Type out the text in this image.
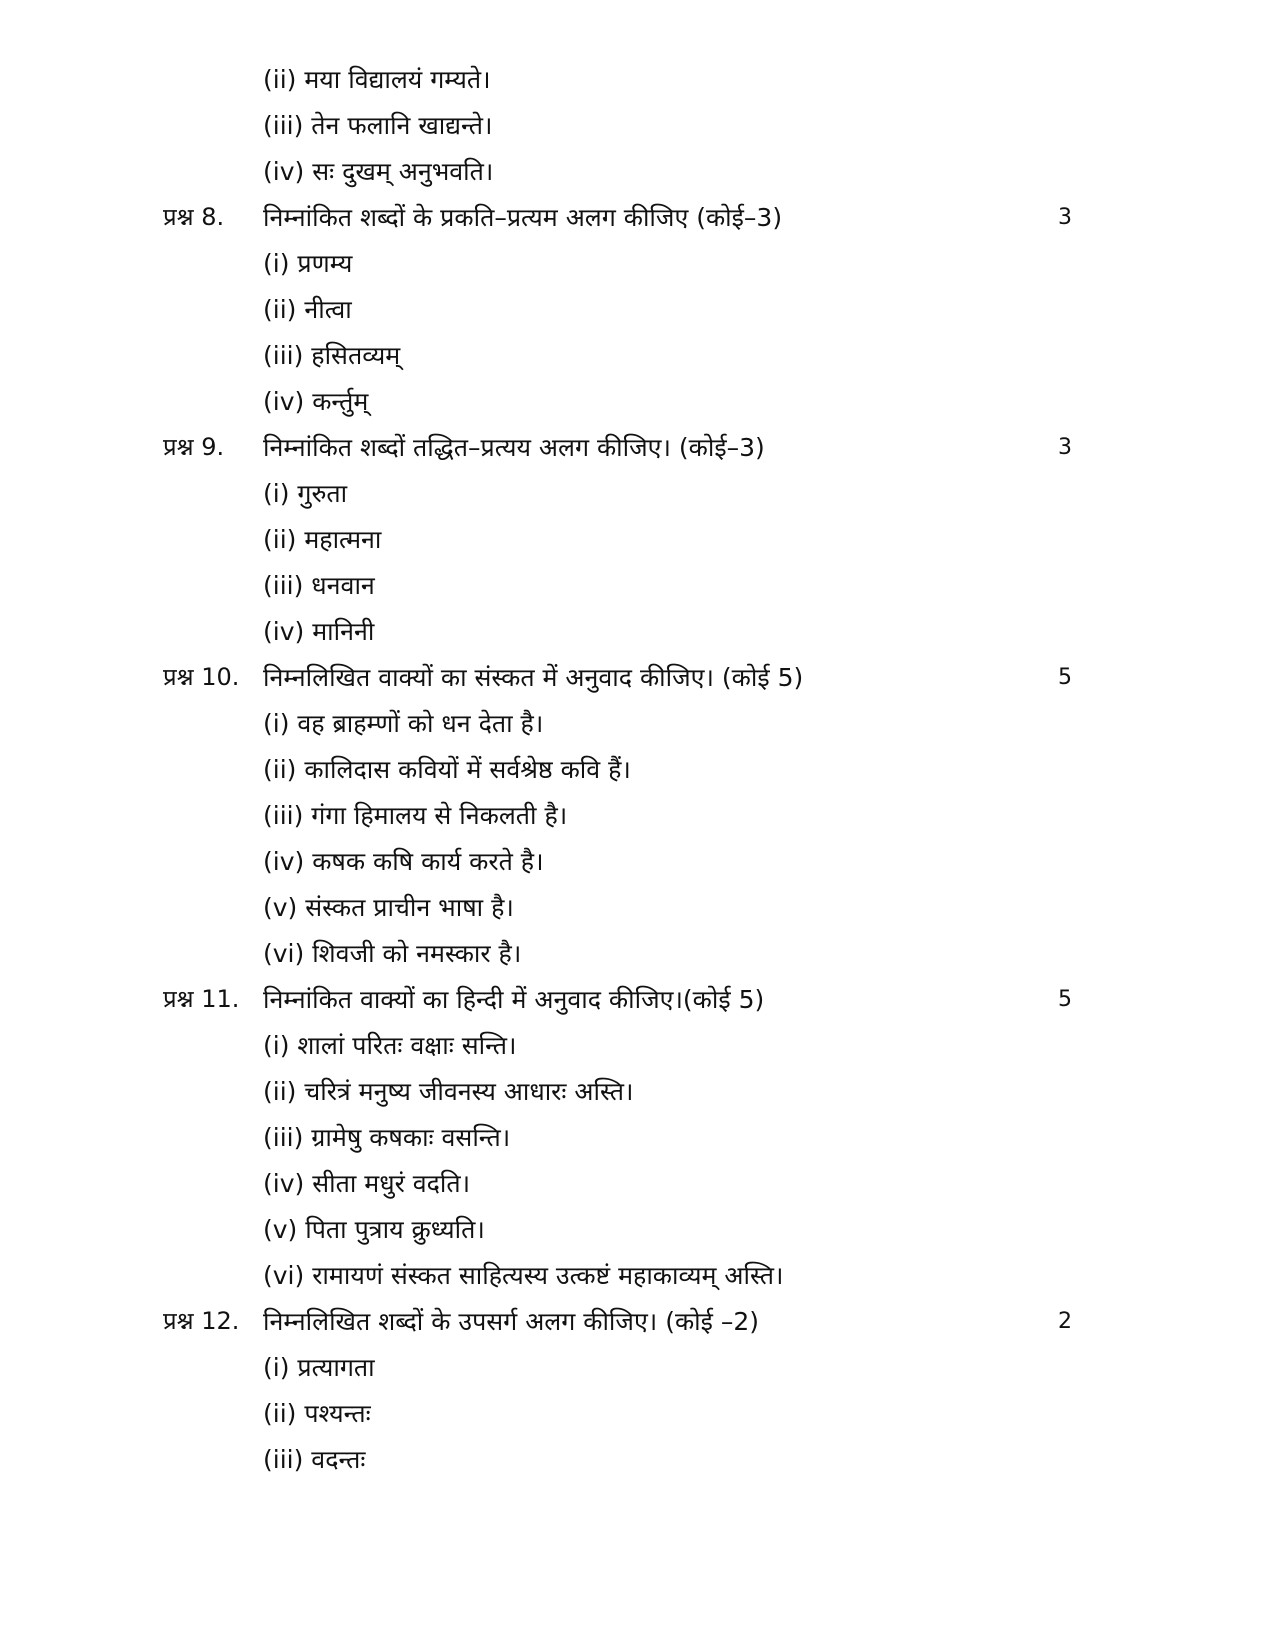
(ii) मया विद्यालयं गम्यते।
(iii) तेन फलानि खाद्यन्ते।
(iv) सः दुखम् अनुभवति।
प्रश्न 8. निम्नांकित शब्दों के प्रकति–प्रत्यम अलग कीजिए (कोई–3)	3
(i) प्रणम्य
(ii) नीत्वा
(iii) हसितव्यम्
(iv) कर्न्तुम्
प्रश्न 9. निम्नांकित शब्दों तद्धित–प्रत्यय अलग कीजिए। (कोई–3)	3
(i) गुरुता
(ii) महात्मना
(iii) धनवान
(iv) मानिनी
प्रश्न 10. निम्नलिखित वाक्यों का संस्कत में अनुवाद कीजिए। (कोई 5)	5
(i) वह ब्राहम्णों को धन देता है।
(ii) कालिदास कवियों में सर्वश्रेष्ठ कवि हैं।
(iii) गंगा हिमालय से निकलती है।
(iv) कषक कषि कार्य करते है।
(v) संस्कत प्राचीन भाषा है।
(vi) शिवजी को नमस्कार है।
प्रश्न 11. निम्नांकित वाक्यों का हिन्दी में अनुवाद कीजिए।(कोई 5)	5
(i) शालां परितः वक्षाः सन्ति।
(ii) चरित्रं मनुष्य जीवनस्य आधारः अस्ति।
(iii) ग्रामेषु कषकाः वसन्ति।
(iv) सीता मधुरं वदति।
(v) पिता पुत्राय क्रुध्यति।
(vi) रामायणं संस्कत साहित्यस्य उत्कष्टं महाकाव्यम् अस्ति।
प्रश्न 12. निम्नलिखित शब्दों के उपसर्ग अलग कीजिए। (कोई –2)	2
(i) प्रत्यागता
(ii) पश्यन्तः
(iii) वदन्तः
